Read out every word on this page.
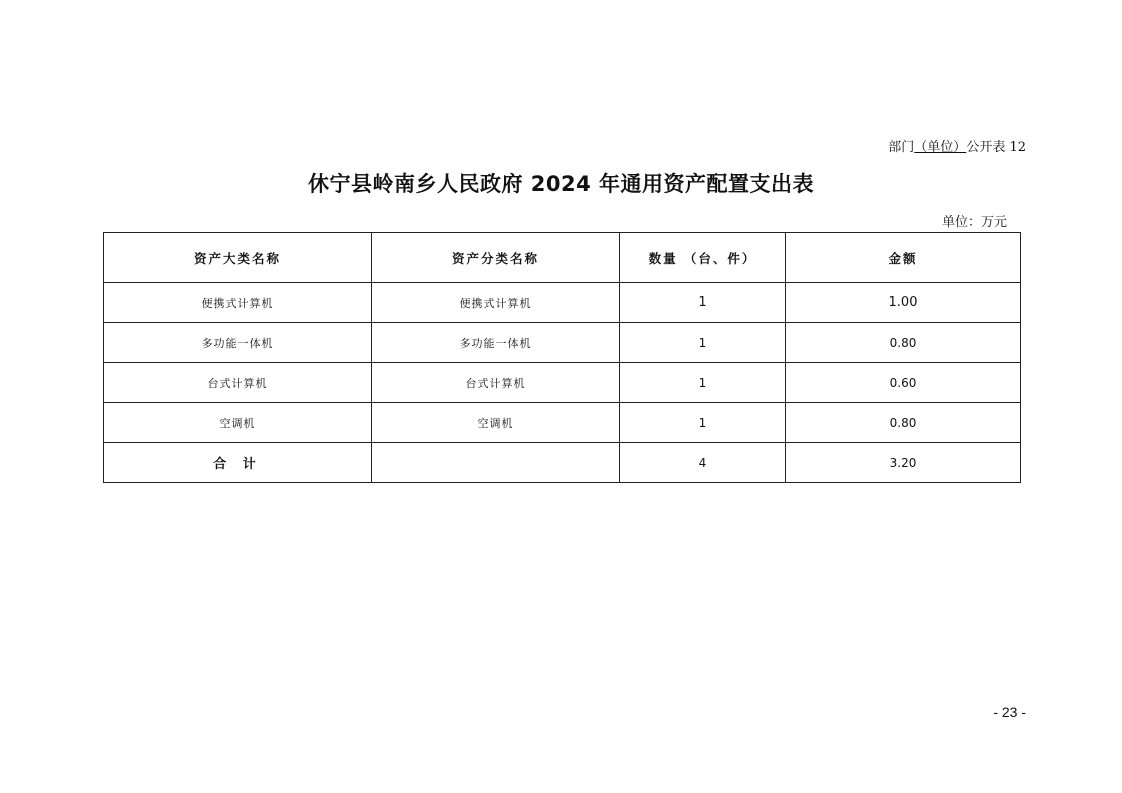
部门（单位）公开表 12
休宁县岭南乡人民政府 2024 年通用资产配置支出表
单位：万元
资产大类名称	资产分类名称	数量 （台、件）	金额
便携式计算机	便携式计算机	1	1.00
多功能一体机	多功能一体机	1	0.80
台式计算机	台式计算机	1	0.60
空调机	空调机	1	0.80
合 计		4	3.20
- 23 -
